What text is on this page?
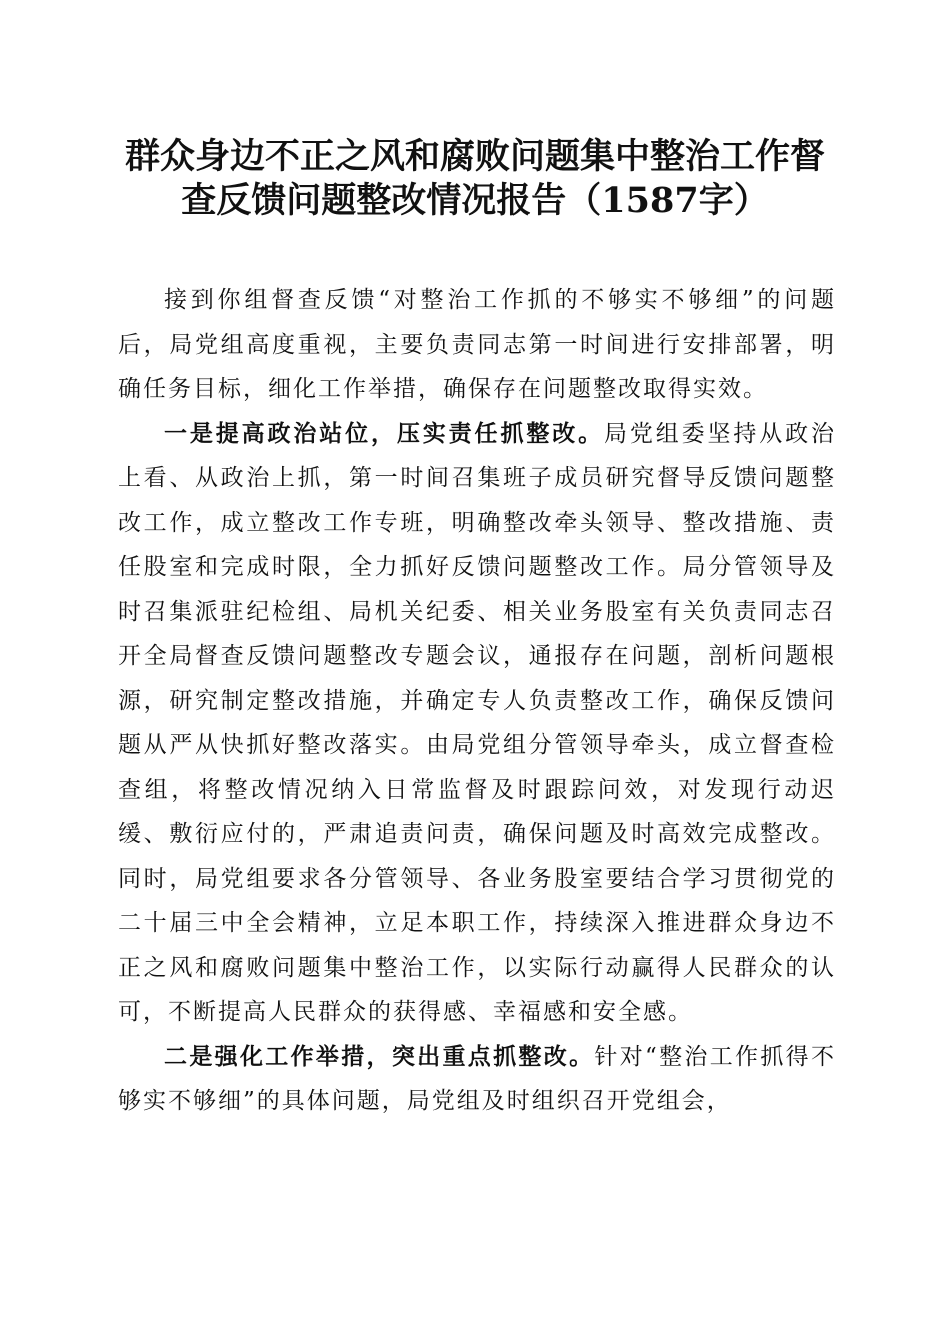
群众身边不正之风和腐败问题集中整治工作督
查反馈问题整改情况报告（1587字）

接到你组督查反馈“对整治工作抓的不够实不够细”的问题后，局党组高度重视，主要负责同志第一时间进行安排部署，明确任务目标，细化工作举措，确保存在问题整改取得实效。

一是提高政治站位，压实责任抓整改。局党组委坚持从政治上看、从政治上抓，第一时间召集班子成员研究督导反馈问题整改工作，成立整改工作专班，明确整改牵头领导、整改措施、责任股室和完成时限，全力抓好反馈问题整改工作。局分管领导及时召集派驻纪检组、局机关纪委、相关业务股室有关负责同志召开全局督查反馈问题整改专题会议，通报存在问题，剖析问题根源，研究制定整改措施，并确定专人负责整改工作，确保反馈问题从严从快抓好整改落实。由局党组分管领导牵头，成立督查检查组，将整改情况纳入日常监督及时跟踪问效，对发现行动迟缓、敷衍应付的，严肃追责问责，确保问题及时高效完成整改。同时，局党组要求各分管领导、各业务股室要结合学习贯彻党的二十届三中全会精神，立足本职工作，持续深入推进群众身边不正之风和腐败问题集中整治工作，以实际行动赢得人民群众的认可，不断提高人民群众的获得感、幸福感和安全感。

二是强化工作举措，突出重点抓整改。针对“整治工作抓得不够实不够细”的具体问题，局党组及时组织召开党组会，
